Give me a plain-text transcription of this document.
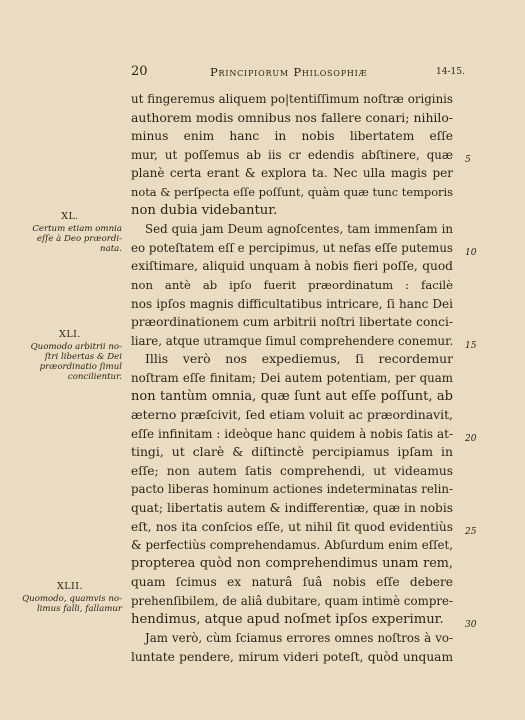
20	Principiorum Philosophiæ	14-15.
ut fingeremus aliquem po|tentiſſimum noſtræ originis
authorem modis omnibus nos fallere conari; nihilo-
minus enim hanc in nobis libertatem eſſe
mur, ut poſſemus ab iis cr edendis abſtinere, quæ
planè certa erant & explora ta. Nec ulla magis per
nota & perſpecta eſſe poſſunt, quàm quæ tunc temporis
non dubia videbantur.
Sed quia jam Deum agnoſcentes, tam immenſam in
eo poteſtatem eſſ e percipimus, ut nefas eſſe putemus
exiſtimare, aliquid unquam à nobis fieri poſſe, quod
non antè ab ipſo fuerit præordinatum : facilè
nos ipſos magnis difficultatibus intricare, ſi hanc Dei
præordinationem cum arbitrii noſtri libertate conci-
liare, atque utramque ſimul comprehendere conemur.
Illis verò nos expediemus, ſi recordemur
noſtram eſſe finitam; Dei autem potentiam, per quam
non tantùm omnia, quæ ſunt aut eſſe poſſunt, ab
æterno præſcivit, ſed etiam voluit ac præordinavit,
eſſe infinitam : ideòque hanc quidem à nobis ſatis at-
tingi, ut clarè & diſtinctè percipiamus ipſam in
eſſe; non autem ſatis comprehendi, ut videamus
pacto liberas hominum actiones indeterminatas relin-
quat; libertatis autem & indifferentiæ, quæ in nobis
eſt, nos ita conſcios eſſe, ut nihil ſit quod evidentiùs
& perfectiùs comprehendamus. Abſurdum enim eſſet,
propterea quòd non comprehendimus unam rem,
quam ſcimus ex naturâ ſuâ nobis eſſe debere
prehenſibilem, de aliâ dubitare, quam intimè compre-
hendimus, atque apud noſmet ipſos experimur.
Jam verò, cùm ſciamus errores omnes noſtros à vo-
luntate pendere, mirum videri poteſt, quòd unquam
5
10
15
20
25
30
XL.
Certum etiam omnia eſſe à Deo præordi- nata.
XLI.
Quomodo arbitrii no- ſtri libertas & Dei præordinatio ſimul concilientur.
XLII.
Quomodo, quamvis no- limus falli, fallamur
